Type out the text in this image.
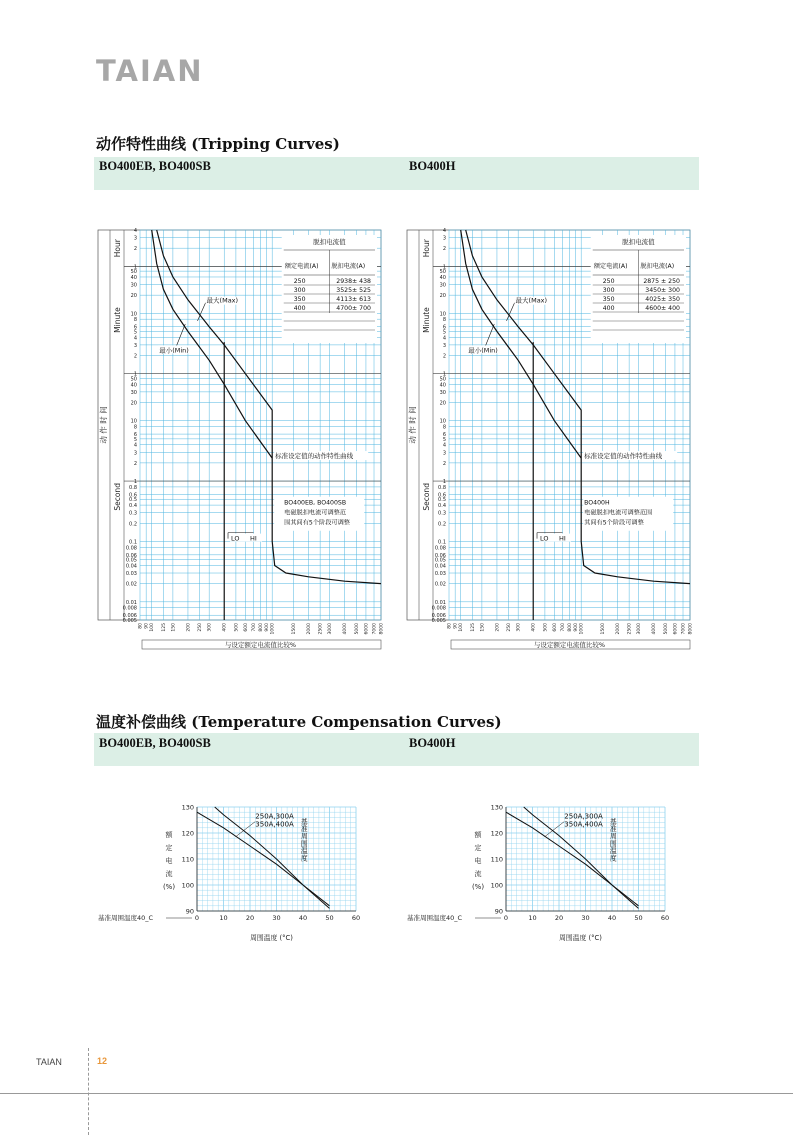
TAIAN
动作特性曲线 (Tripping Curves)
BO400EB, BO400SB	BO400H
50
40
30
20
10
8
6
5
4
3
2
1
0.8
0.6
0.5
0.4
0.3
0.2
0.1
0.08
0.06
0.05
0.04
0.03
0.02
0.01
0.008
0.006
0.005
50
40
30
20
10
8
6
5
4
3
2
1
4
3
2
1
Hour
Minute
Second
动 作 时 间
80 90 100 125 150 200 250 300 400 500 600 700 800 900 1000	1500 2000 2500 3000 4000 5000 6000 7000 8000
与设定额定电流值比较%
最大(Max)
最小(Min)
标准设定值的动作特性曲线
BO400EB, BO400SB
电磁脱扣电流可调整范
围其间有5个阶段可调整
LO HI
脱扣电流值
额定电流(A) 脱扣电流(A)
250	2938± 438
300	3525± 525
350	4113± 613
400	4700± 700
50
40
30
20
10
8
6
5
4
3
2
1
0.8
0.6
0.5
0.4
0.3
0.2
0.1
0.08
0.06
0.05
0.04
0.03
0.02
0.01
0.008
0.006
0.005
50
40
30
20
10
8
6
5
4
3
2
1
4
3
2
1
Hour
Minute
Second
动 作 时 间
80 90 100 125 150 200 250 300 400 500 600 700 800 900 1000	1500 2000 2500 3000 4000 5000 6000 7000 8000
与设定额定电流值比较%
最大(Max)
最小(Min)
标准设定值的动作特性曲线
BO400H
电磁脱扣电流可调整范围
其间有5个阶段可调整
LO HI
脱扣电流值
额定电流(A) 脱扣电流(A)
250	2875 ± 250
300	3450± 300
350	4025± 350
400	4600± 400
温度补偿曲线 (Temperature Compensation Curves)
BO400EB, BO400SB	BO400H
130
120
110
100
90
0	10	20	30	40	50	60
额
定
电
流
(%)
基准周围温度40_C
周围温度 (°C)
250A,300A
350A,400A 基
准
周
围
温
度
130
120
110
100
90
0	10	20	30	40	50	60
额
定
电
流
(%)
基准周围温度40_C
周围温度 (°C)
250A,300A
350A,400A 基
准
周
围
温
度
TAIAN	12
